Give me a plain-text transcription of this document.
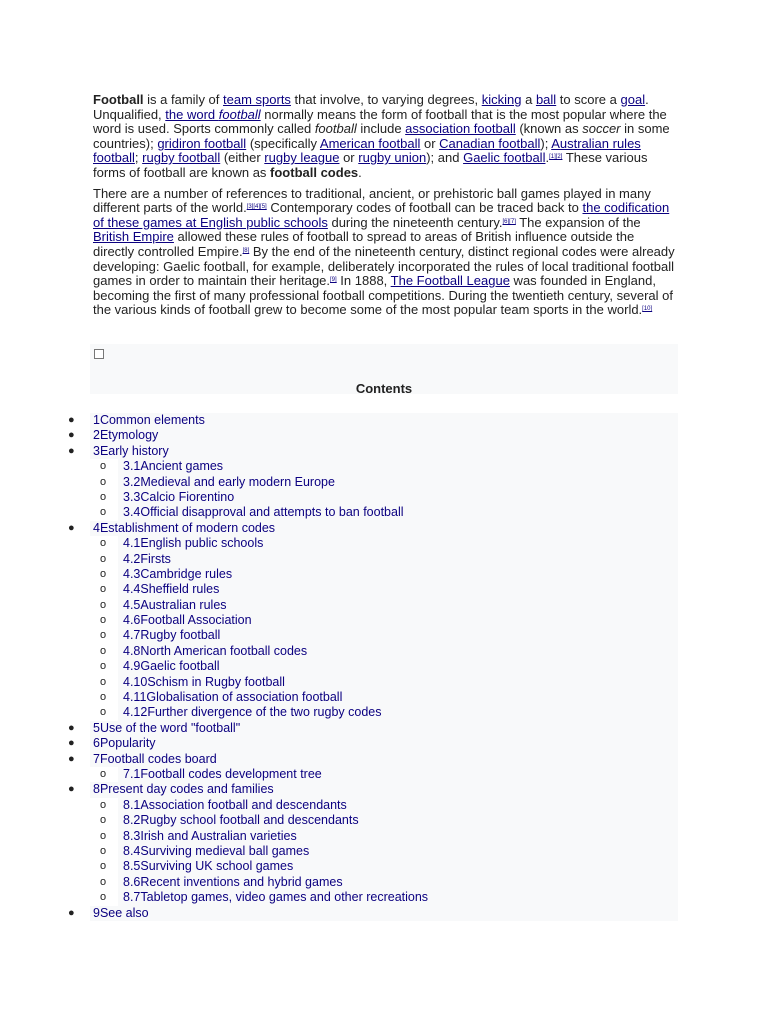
Football is a family of team sports that involve, to varying degrees, kicking a ball to score a goal. Unqualified, the word football normally means the form of football that is the most popular where the word is used. Sports commonly called football include association football (known as soccer in some countries); gridiron football (specifically American football or Canadian football); Australian rules football; rugby football (either rugby league or rugby union); and Gaelic football.[1][2] These various forms of football are known as football codes.

There are a number of references to traditional, ancient, or prehistoric ball games played in many different parts of the world.[3][4][5] Contemporary codes of football can be traced back to the codification of these games at English public schools during the nineteenth century.[6][7] The expansion of the British Empire allowed these rules of football to spread to areas of British influence outside the directly controlled Empire.[8] By the end of the nineteenth century, distinct regional codes were already developing: Gaelic football, for example, deliberately incorporated the rules of local traditional football games in order to maintain their heritage.[9] In 1888, The Football League was founded in England, becoming the first of many professional football competitions. During the twentieth century, several of the various kinds of football grew to become some of the most popular team sports in the world.[10]

Contents
● 1Common elements
● 2Etymology
● 3Early history
o 3.1Ancient games
o 3.2Medieval and early modern Europe
o 3.3Calcio Fiorentino
o 3.4Official disapproval and attempts to ban football
● 4Establishment of modern codes
o 4.1English public schools
o 4.2Firsts
o 4.3Cambridge rules
o 4.4Sheffield rules
o 4.5Australian rules
o 4.6Football Association
o 4.7Rugby football
o 4.8North American football codes
o 4.9Gaelic football
o 4.10Schism in Rugby football
o 4.11Globalisation of association football
o 4.12Further divergence of the two rugby codes
● 5Use of the word "football"
● 6Popularity
● 7Football codes board
o 7.1Football codes development tree
● 8Present day codes and families
o 8.1Association football and descendants
o 8.2Rugby school football and descendants
o 8.3Irish and Australian varieties
o 8.4Surviving medieval ball games
o 8.5Surviving UK school games
o 8.6Recent inventions and hybrid games
o 8.7Tabletop games, video games and other recreations
● 9See also
